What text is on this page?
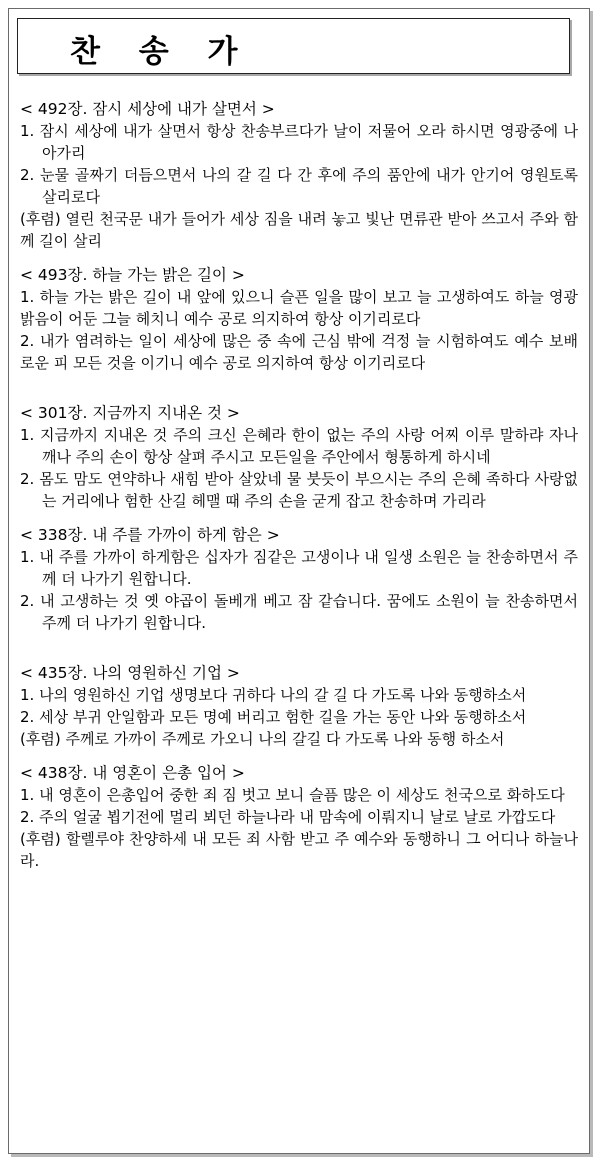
찬 송 가
< 492장. 잠시 세상에 내가 살면서 >
1. 잠시 세상에 내가 살면서 항상 찬송부르다가 날이 저물어 오라 하시면 영광중에 나아가리
2. 눈물 골짜기 더듬으면서 나의 갈 길 다 간 후에 주의 품안에 내가 안기어 영원토록 살리로다
(후렴) 열린 천국문 내가 들어가 세상 짐을 내려 놓고 빛난 면류관 받아 쓰고서 주와 함께 길이 살리
< 493장. 하늘 가는 밝은 길이 >
1. 하늘 가는 밝은 길이 내 앞에 있으니 슬픈 일을 많이 보고 늘 고생하여도 하늘 영광 밝음이 어둔 그늘 헤치니 예수 공로 의지하여 항상 이기리로다
2. 내가 염려하는 일이 세상에 많은 중 속에 근심 밖에 걱정 늘 시험하여도 예수 보배로운 피 모든 것을 이기니 예수 공로 의지하여 항상 이기리로다
< 301장. 지금까지 지내온 것 >
1. 지금까지 지내온 것 주의 크신 은혜라 한이 없는 주의 사랑 어찌 이루 말하랴 자나깨나 주의 손이 항상 살펴 주시고 모든일을 주안에서 형통하게 하시네
2. 몸도 맘도 연약하나 새힘 받아 살았네 물 붓듯이 부으시는 주의 은혜 족하다 사랑없는 거리에나 험한 산길 헤맬 때 주의 손을 굳게 잡고 찬송하며 가리라
< 338장. 내 주를 가까이 하게 함은 >
1. 내 주를 가까이 하게함은 십자가 짐같은 고생이나 내 일생 소원은 늘 찬송하면서 주께 더 나가기 원합니다.
2. 내 고생하는 것 옛 야곱이 돌베개 베고 잠 같습니다. 꿈에도 소원이 늘 찬송하면서 주께 더 나가기 원합니다.
< 435장. 나의 영원하신 기업 >
1. 나의 영원하신 기업 생명보다 귀하다 나의 갈 길 다 가도록 나와 동행하소서
2. 세상 부귀 안일함과 모든 명예 버리고 험한 길을 가는 동안 나와 동행하소서
(후렴) 주께로 가까이 주께로 가오니 나의 갈길 다 가도록 나와 동행 하소서
< 438장. 내 영혼이 은총 입어 >
1. 내 영혼이 은총입어 중한 죄 짐 벗고 보니 슬픔 많은 이 세상도 천국으로 화하도다
2. 주의 얼굴 뵙기전에 멀리 뵈던 하늘나라 내 맘속에 이뤄지니 날로 날로 가깝도다
(후렴) 할렐루야 찬양하세 내 모든 죄 사함 받고 주 예수와 동행하니 그 어디나 하늘나라.
